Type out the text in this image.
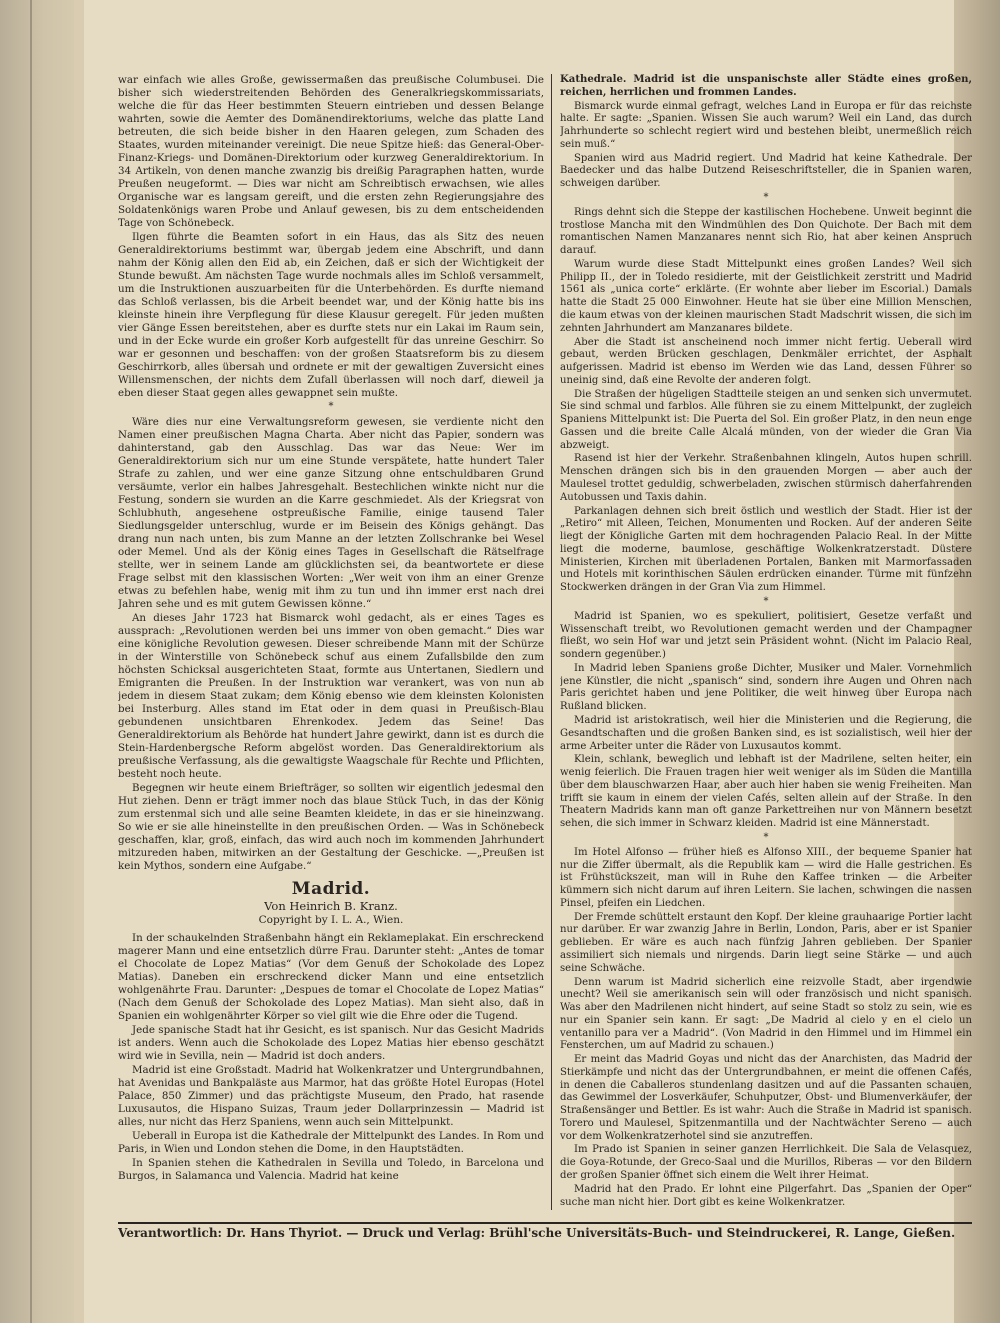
war einfach wie alles Große, gewissermaßen das preußische Columbusei. Die bisher sich wiederstreitenden Behörden des Generalkriegskommissariats, welche die für das Heer bestimmten Steuern eintrieben und dessen Belange wahrten, sowie die Aemter des Domänendirektoriums, welche das platte Land betreuten, die sich beide bisher in den Haaren gelegen, zum Schaden des Staates, wurden miteinander vereinigt. Die neue Spitze hieß: das General-Ober-Finanz-Kriegs- und Domänen-Direktorium oder kurzweg Generaldirektorium. In 34 Artikeln, von denen manche zwanzig bis dreißig Paragraphen hatten, wurde Preußen neugeformt. — Dies war nicht am Schreibtisch erwachsen, wie alles Organische war es langsam gereift, und die ersten zehn Regierungsjahre des Soldatenkönigs waren Probe und Anlauf gewesen, bis zu dem entscheidenden Tage von Schönebeck.

Ilgen führte die Beamten sofort in ein Haus, das als Sitz des neuen Generaldirektoriums bestimmt war, übergab jedem eine Abschrift, und dann nahm der König allen den Eid ab, ein Zeichen, daß er sich der Wichtigkeit der Stunde bewußt. Am nächsten Tage wurde nochmals alles im Schloß versammelt, um die Instruktionen auszuarbeiten für die Unterbehörden. Es durfte niemand das Schloß verlassen, bis die Arbeit beendet war, und der König hatte bis ins kleinste hinein ihre Verpflegung für diese Klausur geregelt. Für jeden mußten vier Gänge Essen bereitstehen, aber es durfte stets nur ein Lakai im Raum sein, und in der Ecke wurde ein großer Korb aufgestellt für das unreine Geschirr. So war er gesonnen und beschaffen: von der großen Staatsreform bis zu diesem Geschirrkorb, alles übersah und ordnete er mit der gewaltigen Zuversicht eines Willensmenschen, der nichts dem Zufall überlassen will noch darf, dieweil ja eben dieser Staat gegen alles gewappnet sein mußte.

*

Wäre dies nur eine Verwaltungsreform gewesen, sie verdiente nicht den Namen einer preußischen Magna Charta. Aber nicht das Papier, sondern was dahinterstand, gab den Ausschlag. Das war das Neue: Wer im Generaldirektorium sich nur um eine Stunde verspätete, hatte hundert Taler Strafe zu zahlen, und wer eine ganze Sitzung ohne entschuldbaren Grund versäumte, verlor ein halbes Jahresgehalt. Bestechlichen winkte nicht nur die Festung, sondern sie wurden an die Karre geschmiedet. Als der Kriegsrat von Schlubhuth, angesehene ostpreußische Familie, einige tausend Taler Siedlungsgelder unterschlug, wurde er im Beisein des Königs gehängt. Das drang nun nach unten, bis zum Manne an der letzten Zollschranke bei Wesel oder Memel. Und als der König eines Tages in Gesellschaft die Rätselfrage stellte, wer in seinem Lande am glücklichsten sei, da beantwortete er diese Frage selbst mit den klassischen Worten: „Wer weit von ihm an einer Grenze etwas zu befehlen habe, wenig mit ihm zu tun und ihn immer erst nach drei Jahren sehe und es mit gutem Gewissen könne.“

An dieses Jahr 1723 hat Bismarck wohl gedacht, als er eines Tages es aussprach: „Revolutionen werden bei uns immer von oben gemacht.“ Dies war eine königliche Revolution gewesen. Dieser schreibende Mann mit der Schürze in der Winterstille von Schönebeck schuf aus einem Zufallsbilde den zum höchsten Schicksal ausgerichteten Staat, formte aus Untertanen, Siedlern und Emigranten die Preußen. In der Instruktion war verankert, was von nun ab jedem in diesem Staat zukam; dem König ebenso wie dem kleinsten Kolonisten bei Insterburg. Alles stand im Etat oder in dem quasi in Preußisch-Blau gebundenen unsichtbaren Ehrenkodex. Jedem das Seine! Das Generaldirektorium als Behörde hat hundert Jahre gewirkt, dann ist es durch die Stein-Hardenbergsche Reform abgelöst worden. Das Generaldirektorium als preußische Verfassung, als die gewaltigste Waagschale für Rechte und Pflichten, besteht noch heute.

Begegnen wir heute einem Briefträger, so sollten wir eigentlich jedesmal den Hut ziehen. Denn er trägt immer noch das blaue Stück Tuch, in das der König zum erstenmal sich und alle seine Beamten kleidete, in das er sie hineinzwang. So wie er sie alle hineinstellte in den preußischen Orden. — Was in Schönebeck geschaffen, klar, groß, einfach, das wird auch noch im kommenden Jahrhundert mitzureden haben, mitwirken an der Gestaltung der Geschicke. —„Preußen ist kein Mythos, sondern eine Aufgabe.“

Madrid.
Von Heinrich B. Kranz.
Copyright by I. L. A., Wien.

In der schaukelnden Straßenbahn hängt ein Reklameplakat. Ein erschreckend magerer Mann und eine entsetzlich dürre Frau. Darunter steht: „Antes de tomar el Chocolate de Lopez Matias“ (Vor dem Genuß der Schokolade des Lopez Matias). Daneben ein erschreckend dicker Mann und eine entsetzlich wohlgenährte Frau. Darunter: „Despues de tomar el Chocolate de Lopez Matias“ (Nach dem Genuß der Schokolade des Lopez Matias). Man sieht also, daß in Spanien ein wohlgenährter Körper so viel gilt wie die Ehre oder die Tugend.

Jede spanische Stadt hat ihr Gesicht, es ist spanisch. Nur das Gesicht Madrids ist anders. Wenn auch die Schokolade des Lopez Matias hier ebenso geschätzt wird wie in Sevilla, nein — Madrid ist doch anders.

Madrid ist eine Großstadt. Madrid hat Wolkenkratzer und Untergrundbahnen, hat Avenidas und Bankpaläste aus Marmor, hat das größte Hotel Europas (Hotel Palace, 850 Zimmer) und das prächtigste Museum, den Prado, hat rasende Luxusautos, die Hispano Suizas, Traum jeder Dollarprinzessin — Madrid ist alles, nur nicht das Herz Spaniens, wenn auch sein Mittelpunkt.

Ueberall in Europa ist die Kathedrale der Mittelpunkt des Landes. In Rom und Paris, in Wien und London stehen die Dome, in den Hauptstädten.

In Spanien stehen die Kathedralen in Sevilla und Toledo, in Barcelona und Burgos, in Salamanca und Valencia. Madrid hat keine

Kathedrale. Madrid ist die unspanischste aller Städte eines großen, reichen, herrlichen und frommen Landes.

Bismarck wurde einmal gefragt, welches Land in Europa er für das reichste halte. Er sagte: „Spanien. Wissen Sie auch warum? Weil ein Land, das durch Jahrhunderte so schlecht regiert wird und bestehen bleibt, unermeßlich reich sein muß.“

Spanien wird aus Madrid regiert. Und Madrid hat keine Kathedrale. Der Baedecker und das halbe Dutzend Reiseschriftsteller, die in Spanien waren, schweigen darüber.

*

Rings dehnt sich die Steppe der kastilischen Hochebene. Unweit beginnt die trostlose Mancha mit den Windmühlen des Don Quichote. Der Bach mit dem romantischen Namen Manzanares nennt sich Rio, hat aber keinen Anspruch darauf.

Warum wurde diese Stadt Mittelpunkt eines großen Landes? Weil sich Philipp II., der in Toledo residierte, mit der Geistlichkeit zerstritt und Madrid 1561 als „unica corte“ erklärte. (Er wohnte aber lieber im Escorial.) Damals hatte die Stadt 25 000 Einwohner. Heute hat sie über eine Million Menschen, die kaum etwas von der kleinen maurischen Stadt Madschrit wissen, die sich im zehnten Jahrhundert am Manzanares bildete.

Aber die Stadt ist anscheinend noch immer nicht fertig. Ueberall wird gebaut, werden Brücken geschlagen, Denkmäler errichtet, der Asphalt aufgerissen. Madrid ist ebenso im Werden wie das Land, dessen Führer so uneinig sind, daß eine Revolte der anderen folgt.

Die Straßen der hügeligen Stadtteile steigen an und senken sich unvermutet. Sie sind schmal und farblos. Alle führen sie zu einem Mittelpunkt, der zugleich Spaniens Mittelpunkt ist: Die Puerta del Sol. Ein großer Platz, in den neun enge Gassen und die breite Calle Alcalá münden, von der wieder die Gran Via abzweigt.

Rasend ist hier der Verkehr. Straßenbahnen klingeln, Autos hupen schrill. Menschen drängen sich bis in den grauenden Morgen — aber auch der Maulesel trottet geduldig, schwerbeladen, zwischen stürmisch daherfahrenden Autobussen und Taxis dahin.

Parkanlagen dehnen sich breit östlich und westlich der Stadt. Hier ist der „Retiro“ mit Alleen, Teichen, Monumenten und Rocken. Auf der anderen Seite liegt der Königliche Garten mit dem hochragenden Palacio Real. In der Mitte liegt die moderne, baumlose, geschäftige Wolkenkratzerstadt. Düstere Ministerien, Kirchen mit überladenen Portalen, Banken mit Marmorfassaden und Hotels mit korinthischen Säulen erdrücken einander. Türme mit fünfzehn Stockwerken drängen in der Gran Via zum Himmel.

*

Madrid ist Spanien, wo es spekuliert, politisiert, Gesetze verfaßt und Wissenschaft treibt, wo Revolutionen gemacht werden und der Champagner fließt, wo sein Hof war und jetzt sein Präsident wohnt. (Nicht im Palacio Real, sondern gegenüber.)

In Madrid leben Spaniens große Dichter, Musiker und Maler. Vornehmlich jene Künstler, die nicht „spanisch“ sind, sondern ihre Augen und Ohren nach Paris gerichtet haben und jene Politiker, die weit hinweg über Europa nach Rußland blicken.

Madrid ist aristokratisch, weil hier die Ministerien und die Regierung, die Gesandtschaften und die großen Banken sind, es ist sozialistisch, weil hier der arme Arbeiter unter die Räder von Luxusautos kommt.

Klein, schlank, beweglich und lebhaft ist der Madrilene, selten heiter, ein wenig feierlich. Die Frauen tragen hier weit weniger als im Süden die Mantilla über dem blauschwarzen Haar, aber auch hier haben sie wenig Freiheiten. Man trifft sie kaum in einem der vielen Cafés, selten allein auf der Straße. In den Theatern Madrids kann man oft ganze Parkettreihen nur von Männern besetzt sehen, die sich immer in Schwarz kleiden. Madrid ist eine Männerstadt.

*

Im Hotel Alfonso — früher hieß es Alfonso XIII., der bequeme Spanier hat nur die Ziffer übermalt, als die Republik kam — wird die Halle gestrichen. Es ist Frühstückszeit, man will in Ruhe den Kaffee trinken — die Arbeiter kümmern sich nicht darum auf ihren Leitern. Sie lachen, schwingen die nassen Pinsel, pfeifen ein Liedchen.

Der Fremde schüttelt erstaunt den Kopf. Der kleine grauhaarige Portier lacht nur darüber. Er war zwanzig Jahre in Berlin, London, Paris, aber er ist Spanier geblieben. Er wäre es auch nach fünfzig Jahren geblieben. Der Spanier assimiliert sich niemals und nirgends. Darin liegt seine Stärke — und auch seine Schwäche.

Denn warum ist Madrid sicherlich eine reizvolle Stadt, aber irgendwie unecht? Weil sie amerikanisch sein will oder französisch und nicht spanisch. Was aber den Madrilenen nicht hindert, auf seine Stadt so stolz zu sein, wie es nur ein Spanier sein kann. Er sagt: „De Madrid al cielo y en el cielo un ventanillo para ver a Madrid“. (Von Madrid in den Himmel und im Himmel ein Fensterchen, um auf Madrid zu schauen.)

Er meint das Madrid Goyas und nicht das der Anarchisten, das Madrid der Stierkämpfe und nicht das der Untergrundbahnen, er meint die offenen Cafés, in denen die Caballeros stundenlang dasitzen und auf die Passanten schauen, das Gewimmel der Losverkäufer, Schuhputzer, Obst- und Blumenverkäufer, der Straßensänger und Bettler. Es ist wahr: Auch die Straße in Madrid ist spanisch. Torero und Maulesel, Spitzenmantilla und der Nachtwächter Sereno — auch vor dem Wolkenkratzerhotel sind sie anzutreffen.

Im Prado ist Spanien in seiner ganzen Herrlichkeit. Die Sala de Velasquez, die Goya-Rotunde, der Greco-Saal und die Murillos, Riberas — vor den Bildern der großen Spanier öffnet sich einem die Welt ihrer Heimat.

Madrid hat den Prado. Er lohnt eine Pilgerfahrt. Das „Spanien der Oper“ suche man nicht hier. Dort gibt es keine Wolkenkratzer.

Verantwortlich: Dr. Hans Thyriot. — Druck und Verlag: Brühl'sche Universitäts-Buch- und Steindruckerei, R. Lange, Gießen.
